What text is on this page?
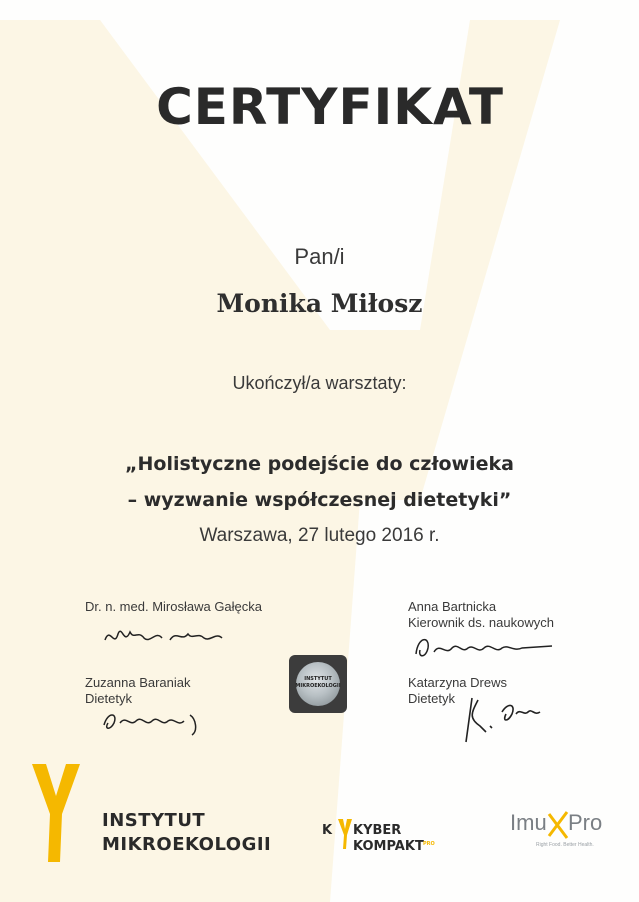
CERTYFIKAT
Pan/i
Monika Miłosz
Ukończył/a warsztaty:
„Holistyczne podejście do człowieka
– wyzwanie współczesnej dietetyki”
Warszawa, 27 lutego 2016 r.
Dr. n. med. Mirosława Gałęcka	Anna Bartnicka
Kierownik ds. naukowych
Zuzanna Baraniak
Dietetyk
INSTYTUT
MIKROEKOLOGII	Katarzyna Drews
Dietetyk
INSTYTUT
MIKROEKOLOGII
K KYBER
KOMPAKT PRO
Imu Pro
Right Food. Better Health.
